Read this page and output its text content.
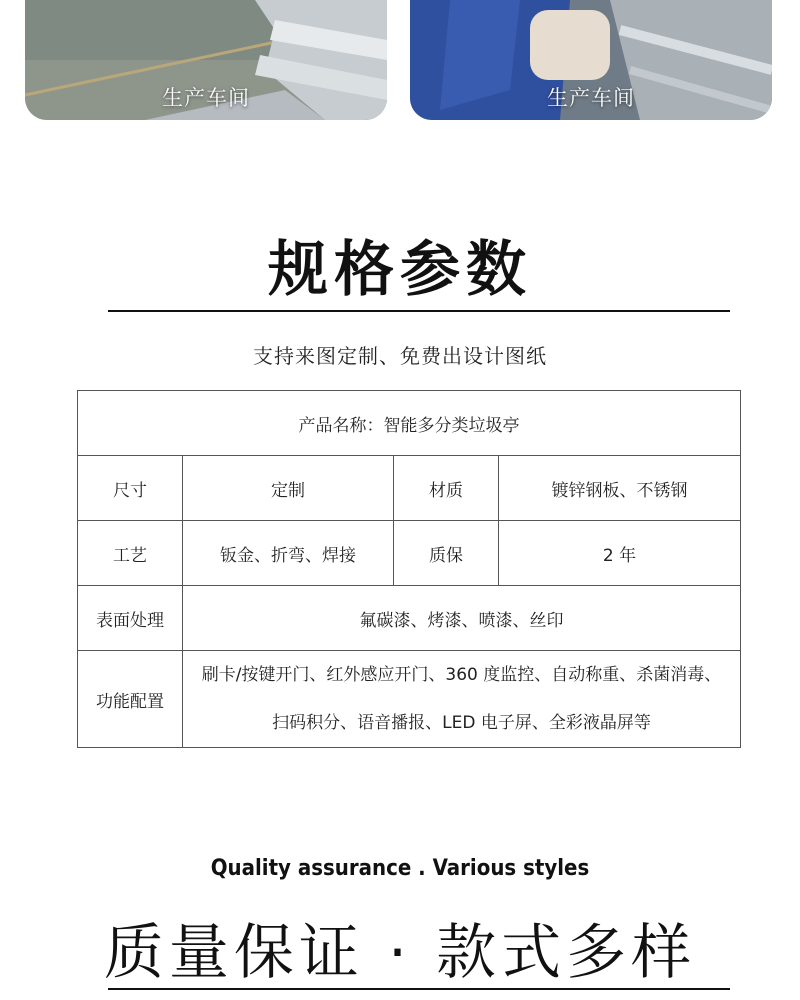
生产车间	生产车间
规格参数
支持来图定制、免费出设计图纸
产品名称：智能多分类垃圾亭			
尺寸	定制	材质	镀锌钢板、不锈钢
工艺	钣金、折弯、焊接	质保	2 年
表面处理	氟碳漆、烤漆、喷漆、丝印		
功能配置	刷卡/按键开门、红外感应开门、360 度监控、自动称重、杀菌消毒、
扫码积分、语音播报、LED 电子屏、全彩液晶屏等		
Quality assurance . Various styles
质量保证 · 款式多样
